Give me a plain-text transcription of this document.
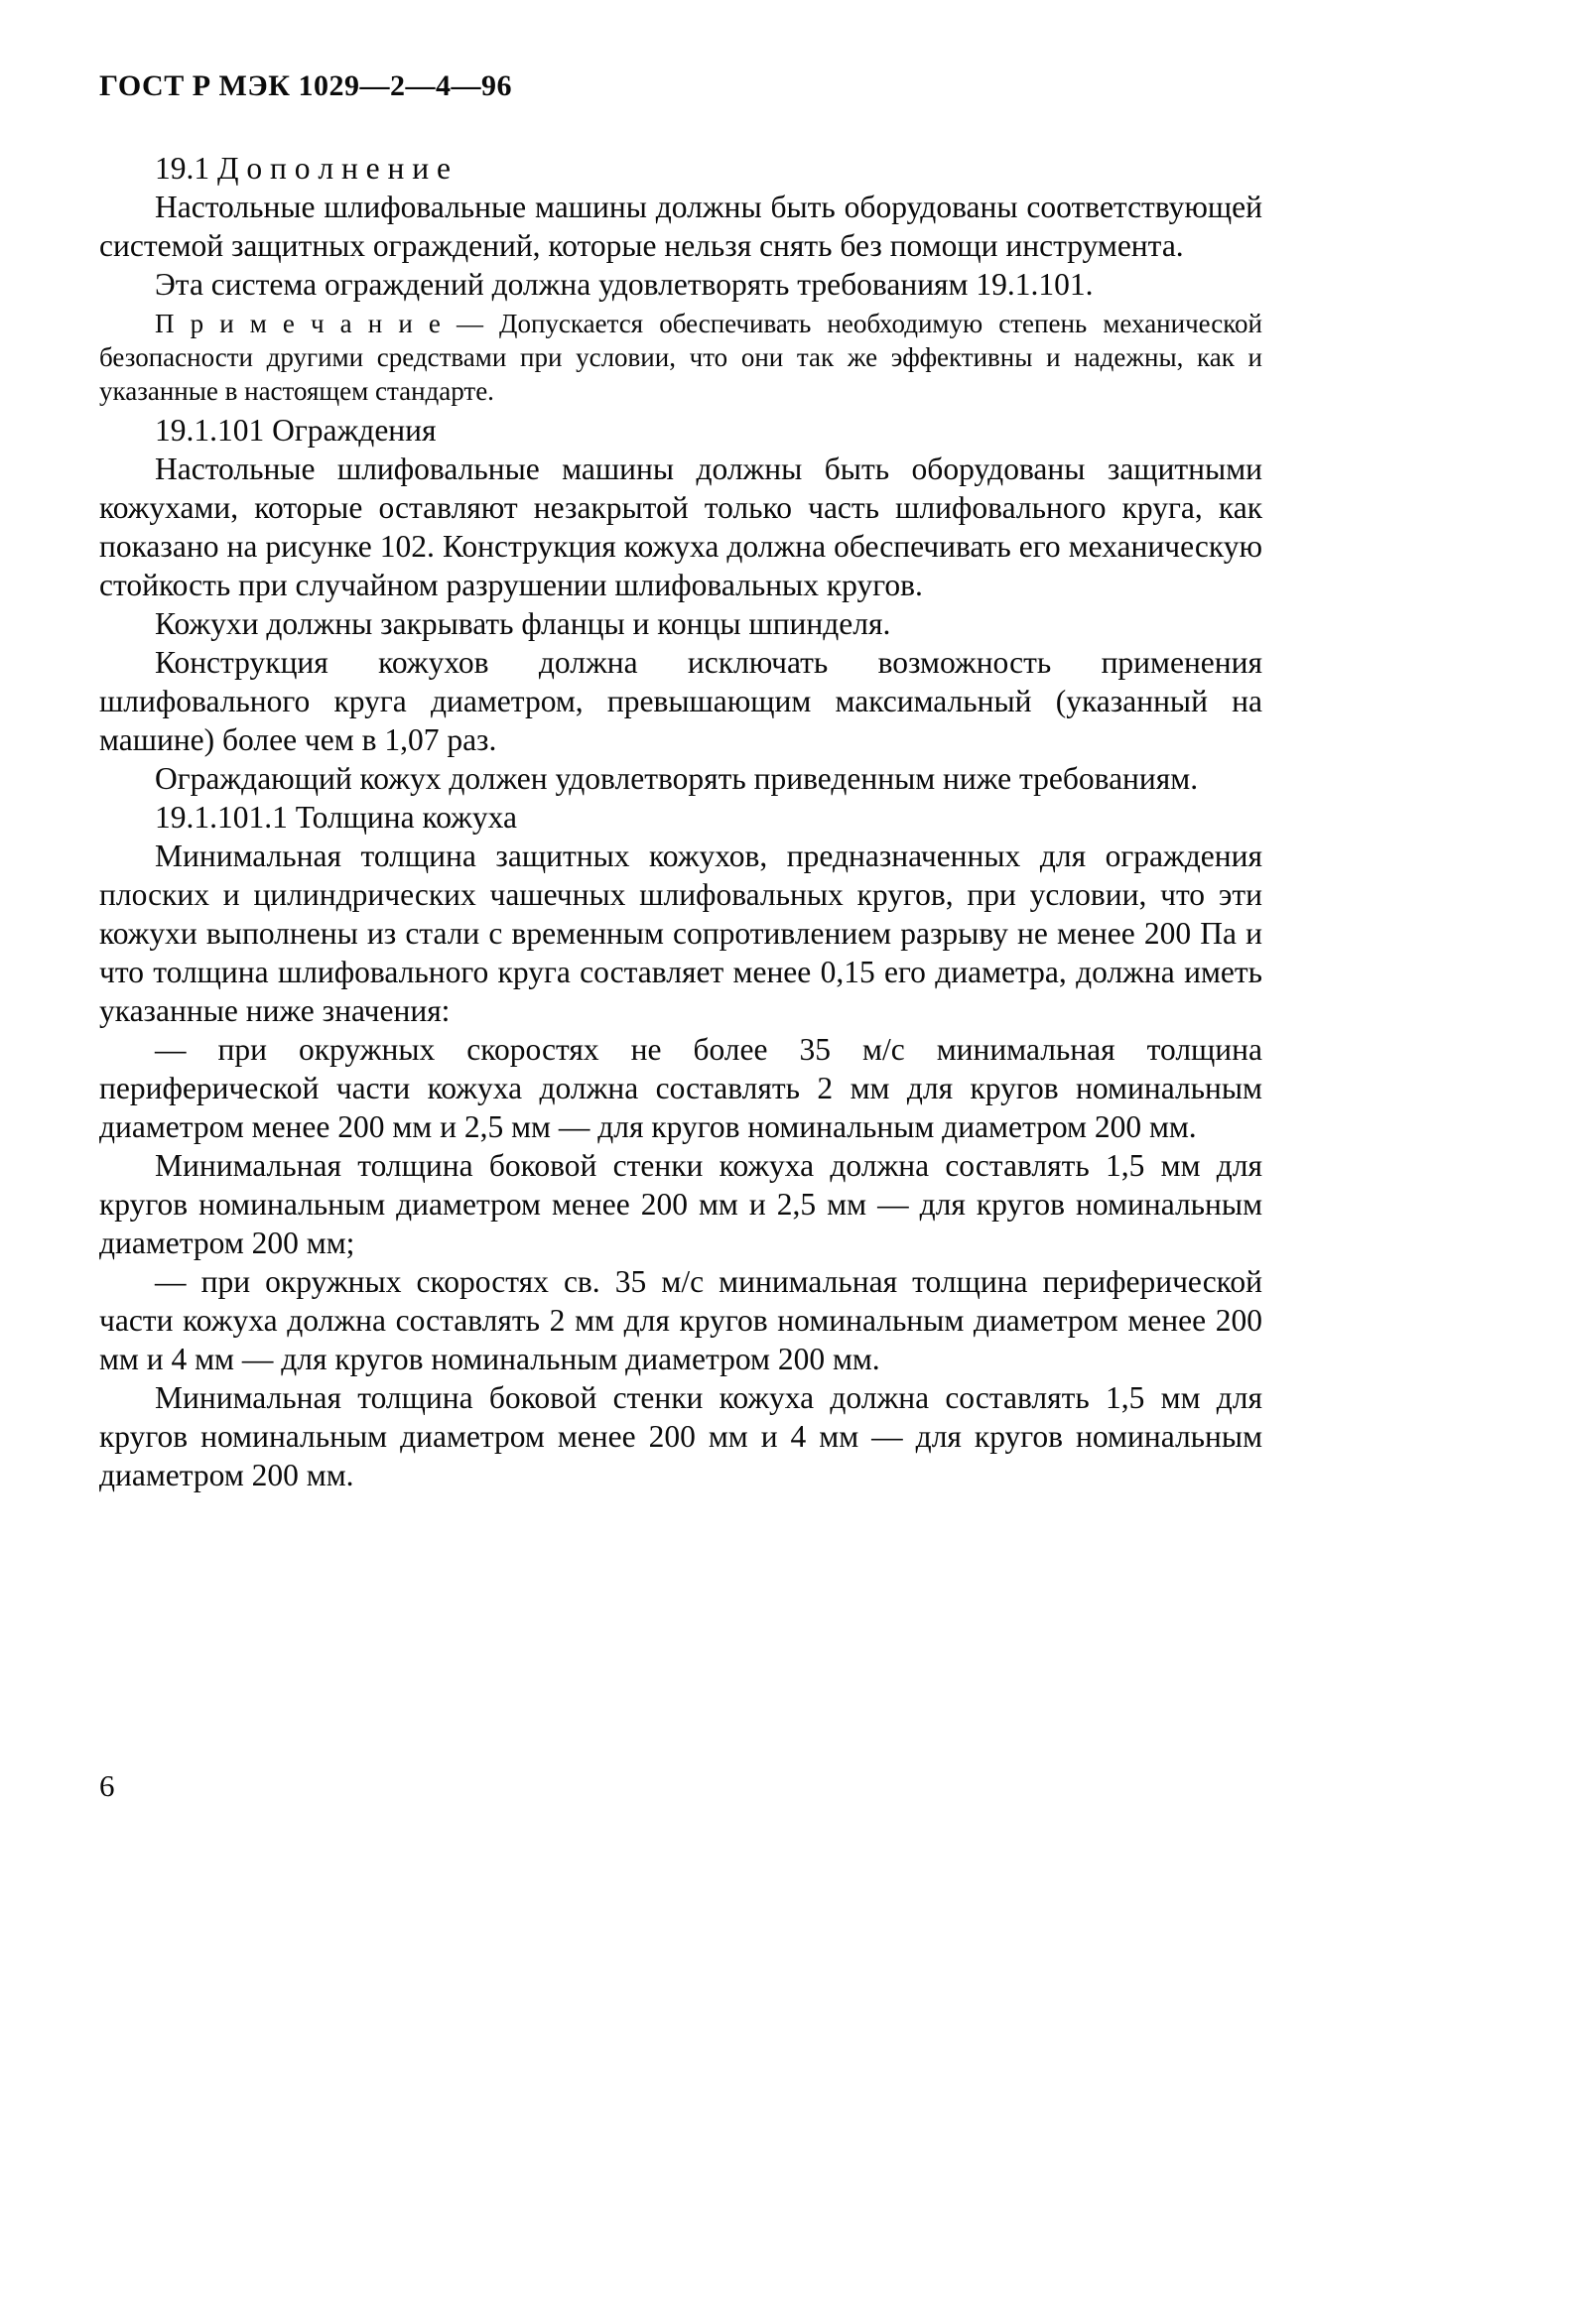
ГОСТ Р МЭК 1029—2—4—96

19.1 Д о п о л н е н и е

Настольные шлифовальные машины должны быть оборудованы соответствующей системой защитных ограждений, которые нельзя снять без помощи инструмента.

Эта система ограждений должна удовлетворять требованиям 19.1.101.

П р и м е ч а н и е — Допускается обеспечивать необходимую степень механической безопасности другими средствами при условии, что они так же эффективны и надежны, как и указанные в настоящем стандарте.

19.1.101 Ограждения

Настольные шлифовальные машины должны быть оборудованы защитными кожухами, которые оставляют незакрытой только часть шлифовального круга, как показано на рисунке 102. Конструкция кожуха должна обеспечивать его механическую стойкость при случайном разрушении шлифовальных кругов.

Кожухи должны закрывать фланцы и концы шпинделя.

Конструкция кожухов должна исключать возможность применения шлифовального круга диаметром, превышающим максимальный (указанный на машине) более чем в 1,07 раз.

Ограждающий кожух должен удовлетворять приведенным ниже требованиям.

19.1.101.1 Толщина кожуха

Минимальная толщина защитных кожухов, предназначенных для ограждения плоских и цилиндрических чашечных шлифовальных кругов, при условии, что эти кожухи выполнены из стали с временным сопротивлением разрыву не менее 200 Па и что толщина шлифовального круга составляет менее 0,15 его диаметра, должна иметь указанные ниже значения:

— при окружных скоростях не более 35 м/с минимальная толщина периферической части кожуха должна составлять 2 мм для кругов номинальным диаметром менее 200 мм и 2,5 мм — для кругов номинальным диаметром 200 мм.

Минимальная толщина боковой стенки кожуха должна составлять 1,5 мм для кругов номинальным диаметром менее 200 мм и 2,5 мм — для кругов номинальным диаметром 200 мм;

— при окружных скоростях св. 35 м/с минимальная толщина периферической части кожуха должна составлять 2 мм для кругов номинальным диаметром менее 200 мм и 4 мм — для кругов номинальным диаметром 200 мм.

Минимальная толщина боковой стенки кожуха должна составлять 1,5 мм для кругов номинальным диаметром менее 200 мм и 4 мм — для кругов номинальным диаметром 200 мм.

6
